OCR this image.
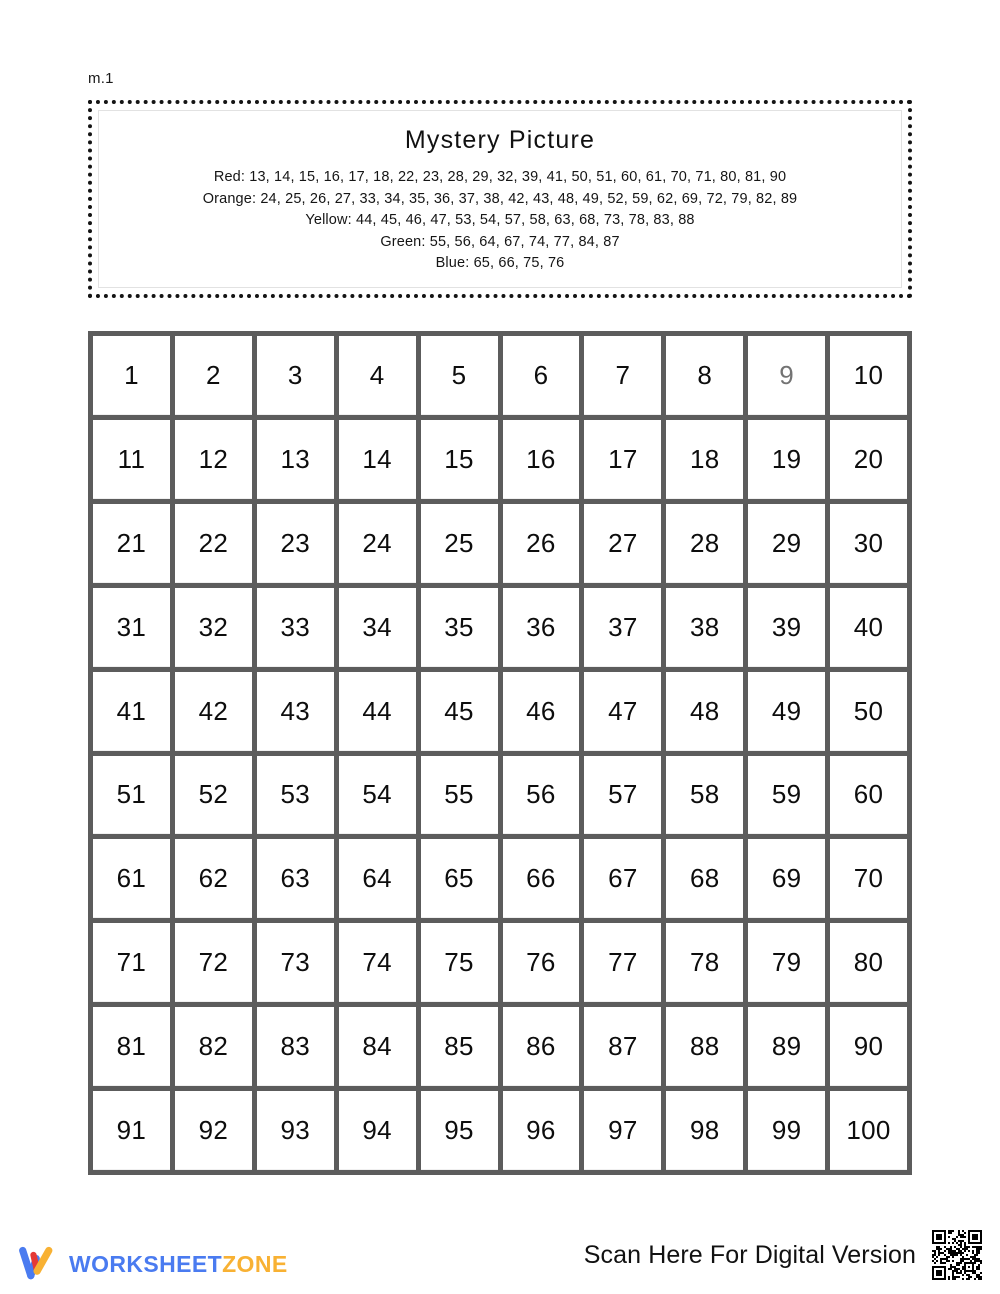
m.1
Mystery Picture
Red: 13, 14, 15, 16, 17, 18, 22, 23, 28, 29, 32, 39, 41, 50, 51, 60, 61, 70, 71, 80, 81, 90
Orange: 24, 25, 26, 27, 33, 34, 35, 36, 37, 38, 42, 43, 48, 49, 52, 59, 62, 69, 72, 79, 82, 89
Yellow: 44, 45, 46, 47, 53, 54, 57, 58, 63, 68, 73, 78, 83, 88
Green: 55, 56, 64, 67, 74, 77, 84, 87
Blue: 65, 66, 75, 76
1	2	3	4	5	6	7	8	9	10
11	12	13	14	15	16	17	18	19	20
21	22	23	24	25	26	27	28	29	30
31	32	33	34	35	36	37	38	39	40
41	42	43	44	45	46	47	48	49	50
51	52	53	54	55	56	57	58	59	60
61	62	63	64	65	66	67	68	69	70
71	72	73	74	75	76	77	78	79	80
81	82	83	84	85	86	87	88	89	90
91	92	93	94	95	96	97	98	99	100
WORKSHEETZONE	Scan Here For Digital Version
